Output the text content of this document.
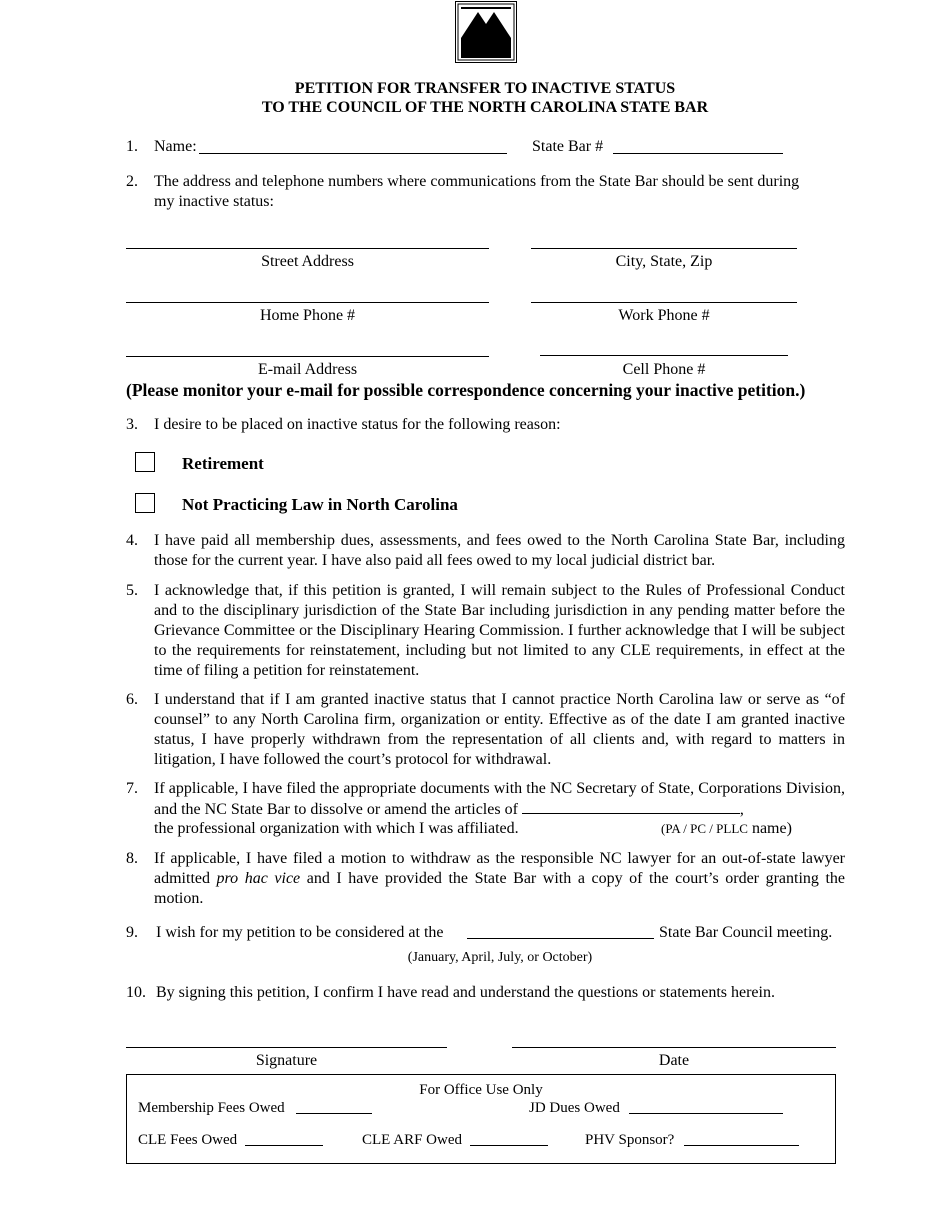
PETITION FOR TRANSFER TO INACTIVE STATUS
TO THE COUNCIL OF THE NORTH CAROLINA STATE BAR
1. Name:	State Bar #
2. The address and telephone numbers where communications from the State Bar should be sent during my inactive status:
Street Address	City, State, Zip
Home Phone #	Work Phone #
E-mail Address	Cell Phone #
(Please monitor your e-mail for possible correspondence concerning your inactive petition.)
3. I desire to be placed on inactive status for the following reason:
Retirement
Not Practicing Law in North Carolina
4. I have paid all membership dues, assessments, and fees owed to the North Carolina State Bar, including those for the current year. I have also paid all fees owed to my local judicial district bar.
5. I acknowledge that, if this petition is granted, I will remain subject to the Rules of Professional Conduct and to the disciplinary jurisdiction of the State Bar including jurisdiction in any pending matter before the Grievance Committee or the Disciplinary Hearing Commission. I further acknowledge that I will be subject to the requirements for reinstatement, including but not limited to any CLE requirements, in effect at the time of filing a petition for reinstatement.
6. I understand that if I am granted inactive status that I cannot practice North Carolina law or serve as “of counsel” to any North Carolina firm, organization or entity. Effective as of the date I am granted inactive status, I have properly withdrawn from the representation of all clients and, with regard to matters in litigation, I have followed the court’s protocol for withdrawal.
7. If applicable, I have filed the appropriate documents with the NC Secretary of State, Corporations Division, and the NC State Bar to dissolve or amend the articles of	,
the professional organization with which I was affiliated.	(PA / PC / PLLC name)
8. If applicable, I have filed a motion to withdraw as the responsible NC lawyer for an out-of-state lawyer admitted pro hac vice and I have provided the State Bar with a copy of the court’s order granting the motion.
9. I wish for my petition to be considered at the	State Bar Council meeting.
(January, April, July, or October)
10. By signing this petition, I confirm I have read and understand the questions or statements herein.
Signature	Date
For Office Use Only
Membership Fees Owed	JD Dues Owed
CLE Fees Owed	CLE ARF Owed	PHV Sponsor?
